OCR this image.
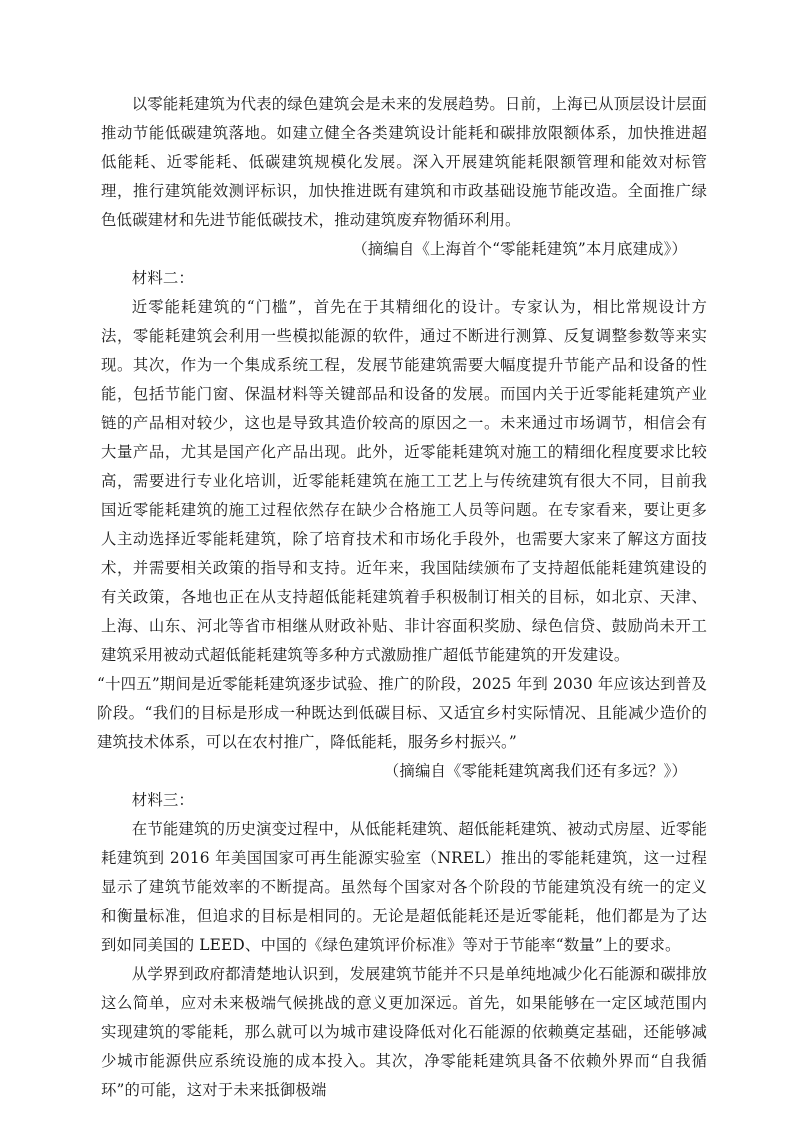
以零能耗建筑为代表的绿色建筑会是未来的发展趋势。日前，上海已从顶层设计层面推动节能低碳建筑落地。如建立健全各类建筑设计能耗和碳排放限额体系，加快推进超低能耗、近零能耗、低碳建筑规模化发展。深入开展建筑能耗限额管理和能效对标管理，推行建筑能效测评标识，加快推进既有建筑和市政基础设施节能改造。全面推广绿色低碳建材和先进节能低碳技术，推动建筑废弃物循环利用。

（摘编自《上海首个“零能耗建筑”本月底建成》）

材料二：

近零能耗建筑的“门槛”，首先在于其精细化的设计。专家认为，相比常规设计方法，零能耗建筑会利用一些模拟能源的软件，通过不断进行测算、反复调整参数等来实现。其次，作为一个集成系统工程，发展节能建筑需要大幅度提升节能产品和设备的性能，包括节能门窗、保温材料等关键部品和设备的发展。而国内关于近零能耗建筑产业链的产品相对较少，这也是导致其造价较高的原因之一。未来通过市场调节，相信会有大量产品，尤其是国产化产品出现。此外，近零能耗建筑对施工的精细化程度要求比较高，需要进行专业化培训，近零能耗建筑在施工工艺上与传统建筑有很大不同，目前我国近零能耗建筑的施工过程依然存在缺少合格施工人员等问题。在专家看来，要让更多人主动选择近零能耗建筑，除了培育技术和市场化手段外，也需要大家来了解这方面技术，并需要相关政策的指导和支持。近年来，我国陆续颁布了支持超低能耗建筑建设的有关政策，各地也正在从支持超低能耗建筑着手积极制订相关的目标，如北京、天津、上海、山东、河北等省市相继从财政补贴、非计容面积奖励、绿色信贷、鼓励尚未开工建筑采用被动式超低能耗建筑等多种方式激励推广超低节能建筑的开发建设。

“十四五”期间是近零能耗建筑逐步试验、推广的阶段，2025 年到 2030 年应该达到普及阶段。“我们的目标是形成一种既达到低碳目标、又适宜乡村实际情况、且能减少造价的建筑技术体系，可以在农村推广，降低能耗，服务乡村振兴。”

（摘编自《零能耗建筑离我们还有多远？》）

材料三：

在节能建筑的历史演变过程中，从低能耗建筑、超低能耗建筑、被动式房屋、近零能耗建筑到 2016 年美国国家可再生能源实验室（NREL）推出的零能耗建筑，这一过程显示了建筑节能效率的不断提高。虽然每个国家对各个阶段的节能建筑没有统一的定义和衡量标准，但追求的目标是相同的。无论是超低能耗还是近零能耗，他们都是为了达到如同美国的 LEED、中国的《绿色建筑评价标准》等对于节能率“数量”上的要求。

从学界到政府都清楚地认识到，发展建筑节能并不只是单纯地减少化石能源和碳排放这么简单，应对未来极端气候挑战的意义更加深远。首先，如果能够在一定区域范围内实现建筑的零能耗，那么就可以为城市建设降低对化石能源的依赖奠定基础，还能够减少城市能源供应系统设施的成本投入。其次，净零能耗建筑具备不依赖外界而“自我循环”的可能，这对于未来抵御极端
